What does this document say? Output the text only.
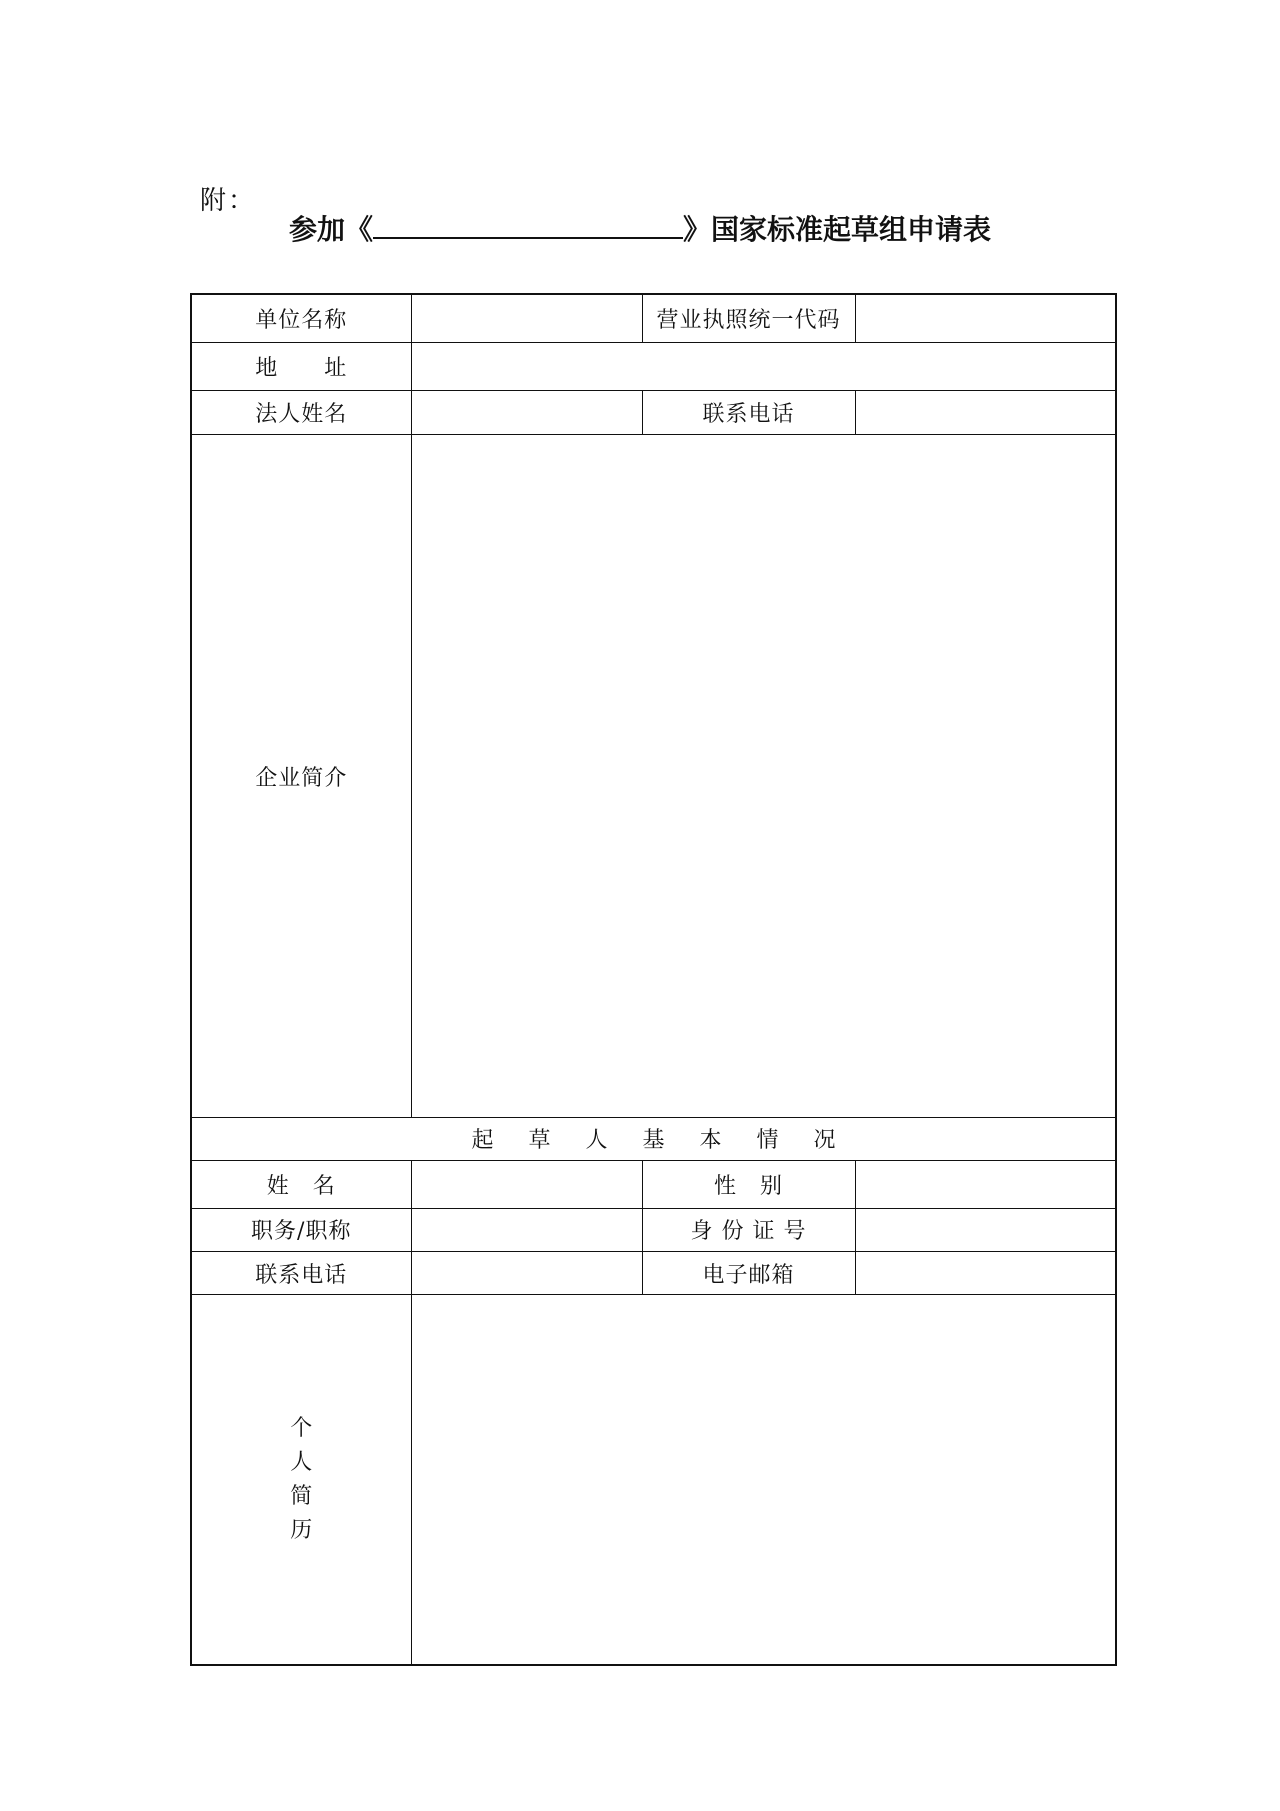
附：
参加《	》国家标准起草组申请表
单位名称		营业执照统一代码	
地　　址			
法人姓名		联系电话	
企业简介			
起 草 人 基 本 情 况			
姓　名		性　别	
职务/职称		身 份 证 号	
联系电话		电子邮箱	

个
人
简
历			
